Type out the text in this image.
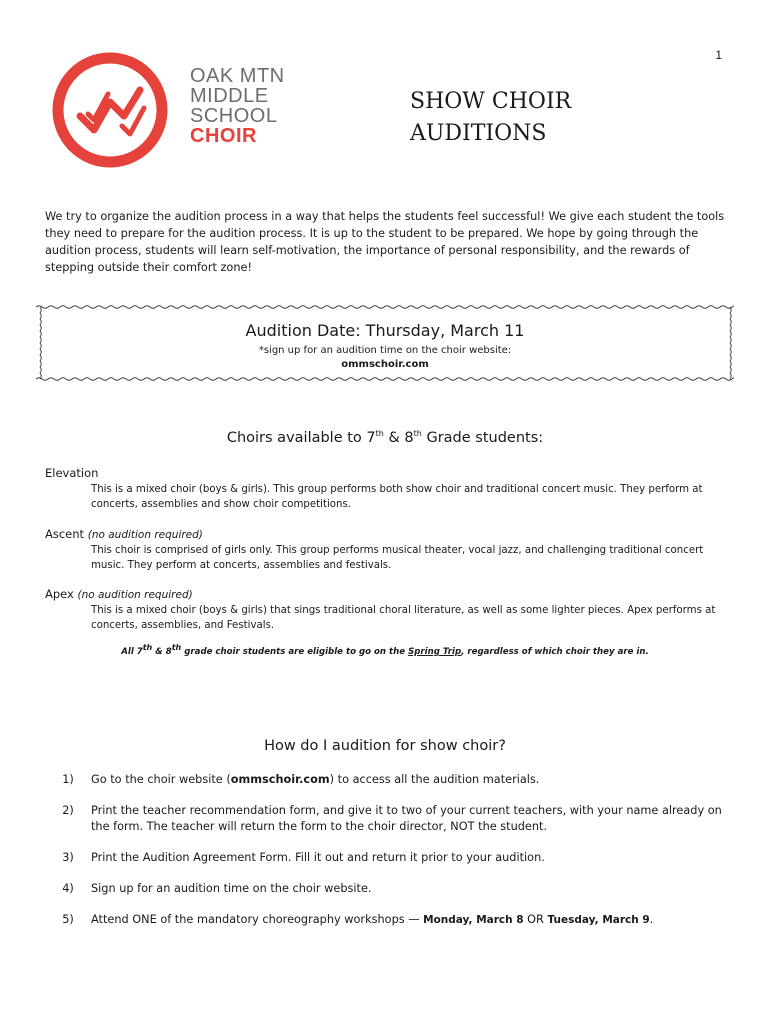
1
OAK MTN
MIDDLE
SCHOOL
CHOIR
SHOW CHOIR
AUDITIONS

We try to organize the audition process in a way that helps the students feel successful! We give each student the tools they need to prepare for the audition process. It is up to the student to be prepared. We hope by going through the audition process, students will learn self-motivation, the importance of personal responsibility, and the rewards of stepping outside their comfort zone!

Audition Date: Thursday, March 11
*sign up for an audition time on the choir website:
ommschoir.com
Choirs available to 7th & 8th Grade students:
Elevation
This is a mixed choir (boys & girls). This group performs both show choir and traditional concert music. They perform at concerts, assemblies and show choir competitions.
Ascent (no audition required)
This choir is comprised of girls only. This group performs musical theater, vocal jazz, and challenging traditional concert music. They perform at concerts, assemblies and festivals.
Apex (no audition required)
This is a mixed choir (boys & girls) that sings traditional choral literature, as well as some lighter pieces. Apex performs at concerts, assemblies, and Festivals.
All 7th & 8th grade choir students are eligible to go on the Spring Trip, regardless of which choir they are in.
How do I audition for show choir?
1) Go to the choir website (ommschoir.com) to access all the audition materials.
2) Print the teacher recommendation form, and give it to two of your current teachers, with your name already on the form. The teacher will return the form to the choir director, NOT the student.
3) Print the Audition Agreement Form. Fill it out and return it prior to your audition.
4) Sign up for an audition time on the choir website.
5) Attend ONE of the mandatory choreography workshops — Monday, March 8 OR Tuesday, March 9.
